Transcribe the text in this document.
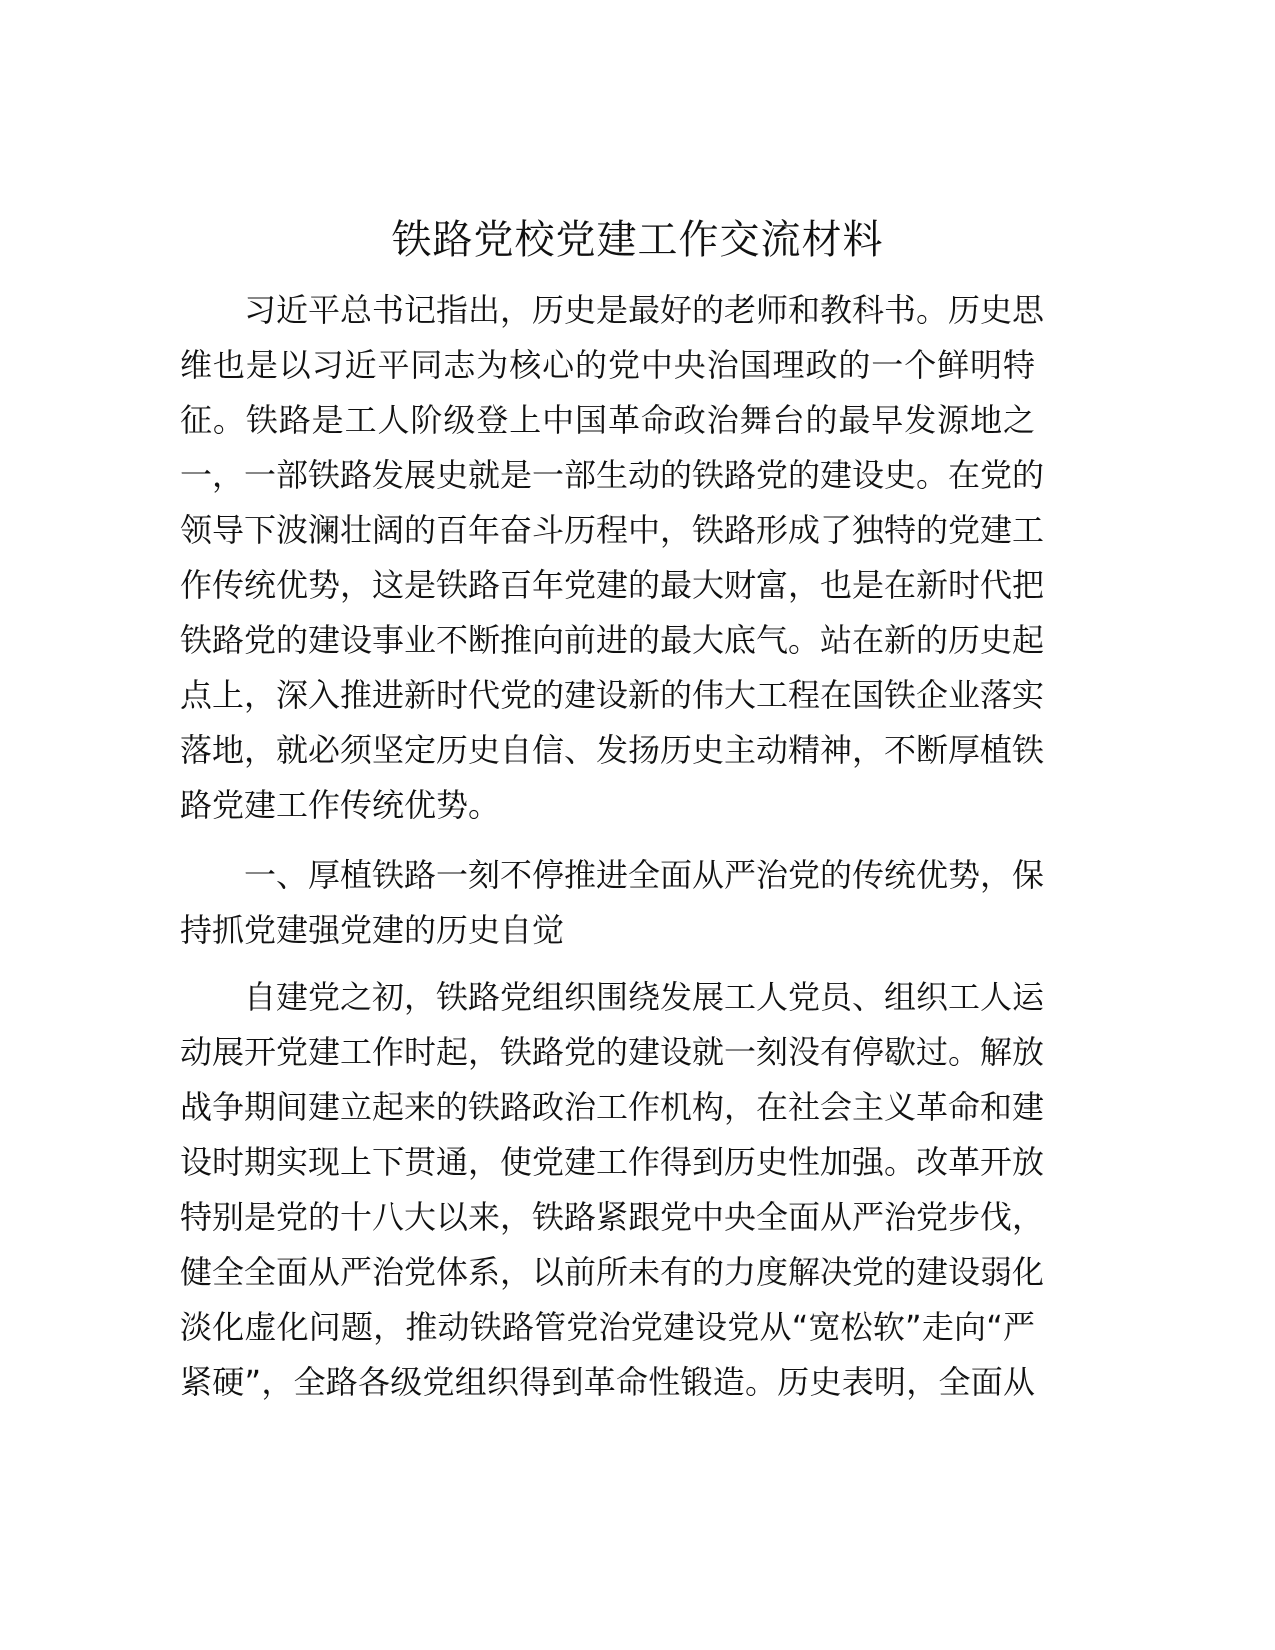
铁路党校党建工作交流材料
习近平总书记指出，历史是最好的老师和教科书。历史思
维也是以习近平同志为核心的党中央治国理政的一个鲜明特
征。铁路是工人阶级登上中国革命政治舞台的最早发源地之
一，一部铁路发展史就是一部生动的铁路党的建设史。在党的
领导下波澜壮阔的百年奋斗历程中，铁路形成了独特的党建工
作传统优势，这是铁路百年党建的最大财富，也是在新时代把
铁路党的建设事业不断推向前进的最大底气。站在新的历史起
点上，深入推进新时代党的建设新的伟大工程在国铁企业落实
落地，就必须坚定历史自信、发扬历史主动精神，不断厚植铁
路党建工作传统优势。
一、厚植铁路一刻不停推进全面从严治党的传统优势，保
持抓党建强党建的历史自觉
自建党之初，铁路党组织围绕发展工人党员、组织工人运
动展开党建工作时起，铁路党的建设就一刻没有停歇过。解放
战争期间建立起来的铁路政治工作机构，在社会主义革命和建
设时期实现上下贯通，使党建工作得到历史性加强。改革开放
特别是党的十八大以来，铁路紧跟党中央全面从严治党步伐，
健全全面从严治党体系，以前所未有的力度解决党的建设弱化
淡化虚化问题，推动铁路管党治党建设党从“宽松软”走向“严
紧硬”，全路各级党组织得到革命性锻造。历史表明，全面从
